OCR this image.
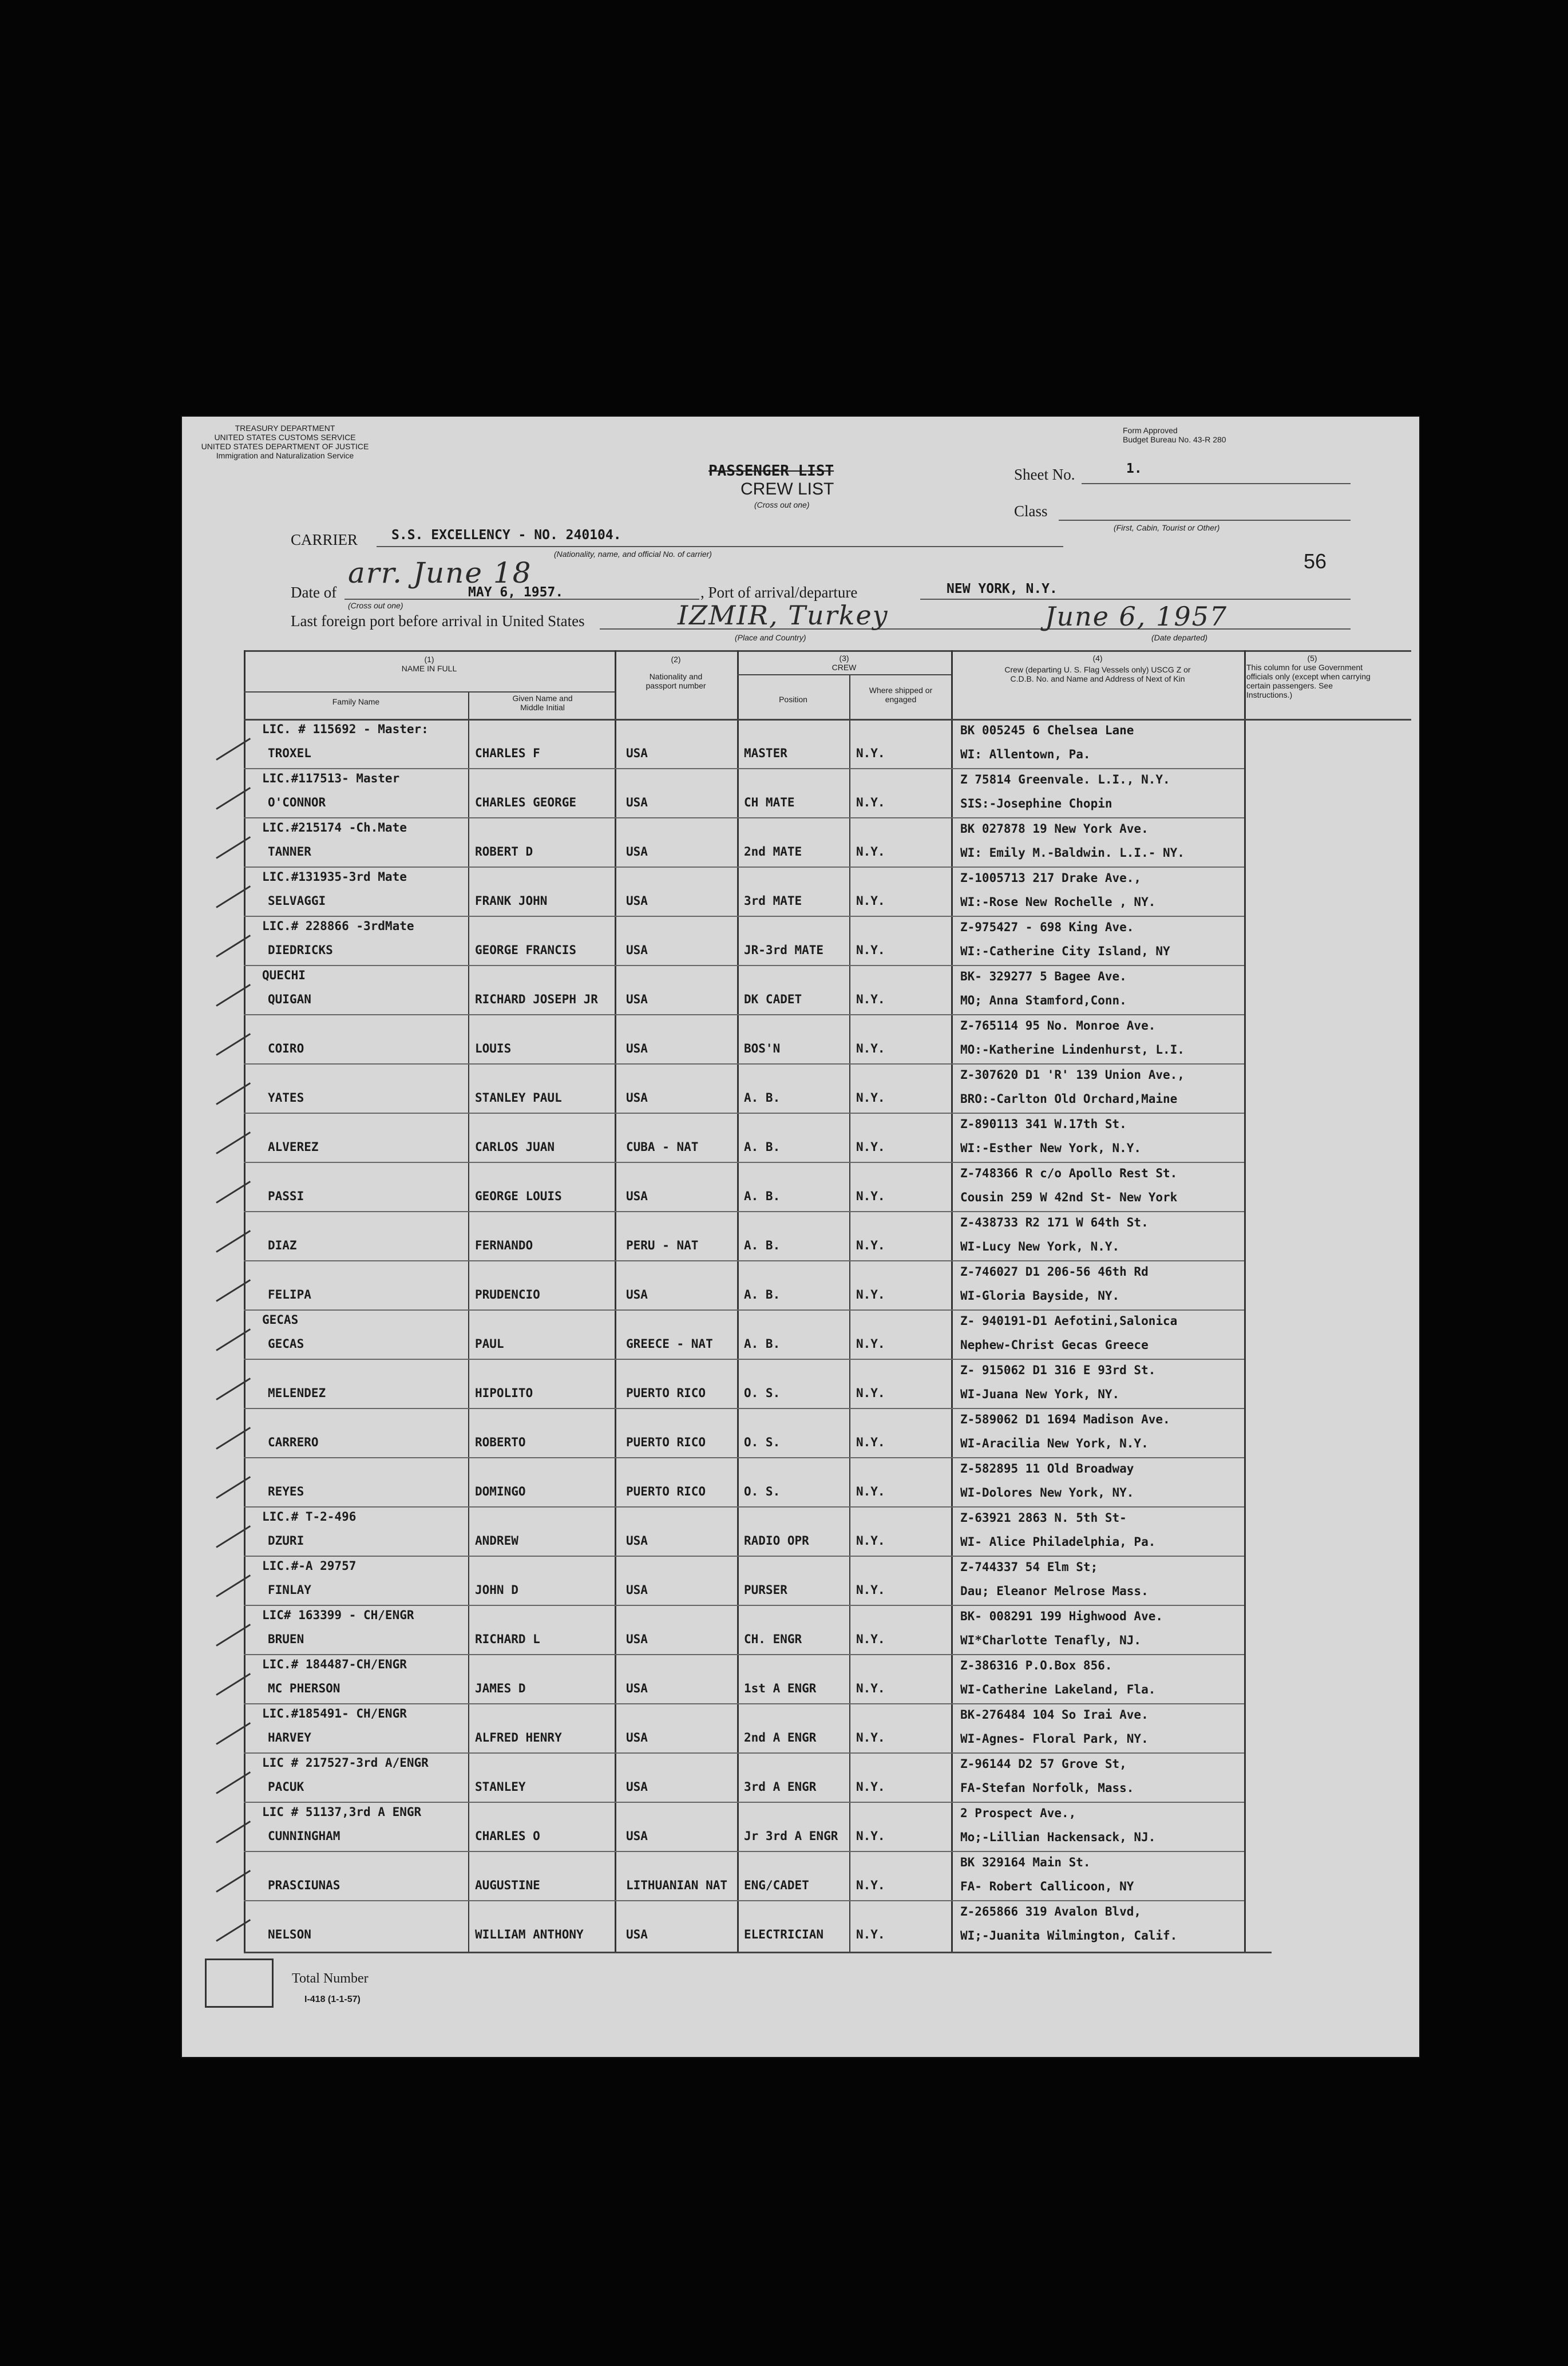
TREASURY DEPARTMENT
UNITED STATES CUSTOMS SERVICE
UNITED STATES DEPARTMENT OF JUSTICE
Immigration and Naturalization Service
Form Approved
Budget Bureau No. 43-R 280
PASSENGER LIST
CREW LIST
(Cross out one)
Sheet No.	1.
Class
(First, Cabin, Tourist or Other)
56
CARRIER	S.S. EXCELLENCY - NO. 240104.
(Nationality, name, and official No. of carrier)
Date of
arr. June 18
(Cross out one)
MAY 6, 1957.	, Port of arrival/departure	NEW YORK, N.Y.
Last foreign port before arrival in United States	IZMIR, Turkey
(Place and Country)
June 6, 1957
(Date departed)
(1)
NAME IN FULL
Family Name	Given Name and Middle Initial
(2)
Nationality and passport number
(3)
CREW
Position
Where shipped or engaged
(4)
Crew (departing U. S. Flag Vessels only) USCG Z or C.D.B. No. and Name and Address of Next of Kin
(5)
This column for use Government officials only (except when carrying certain passengers. See Instructions.)
LIC. # 115692 - Master:
TROXEL	CHARLES F	USA	MASTER	N.Y.
BK 005245 6 Chelsea Lane
WI: Allentown, Pa.
LIC.#117513- Master
O'CONNOR	CHARLES GEORGE	USA	CH MATE	N.Y.
Z 75814 Greenvale. L.I., N.Y.
SIS:-Josephine Chopin
LIC.#215174 -Ch.Mate
TANNER	ROBERT D	USA	2nd MATE	N.Y.
BK 027878 19 New York Ave.
WI: Emily M.-Baldwin. L.I.- NY.
LIC.#131935-3rd Mate
SELVAGGI	FRANK JOHN	USA	3rd MATE	N.Y.
Z-1005713 217 Drake Ave.,
WI:-Rose New Rochelle , NY.
LIC.# 228866 -3rdMate
DIEDRICKS	GEORGE FRANCIS	USA	JR-3rd MATE	N.Y.
Z-975427 - 698 King Ave.
WI:-Catherine City Island, NY
QUECHI
QUIGAN	RICHARD JOSEPH JR USA	DK CADET	N.Y.
BK- 329277 5 Bagee Ave.
MO; Anna Stamford,Conn.
COIRO	LOUIS	USA	BOS'N	N.Y.
Z-765114 95 No. Monroe Ave.
MO:-Katherine Lindenhurst, L.I.
YATES	STANLEY PAUL	USA	A. B.	N.Y.
Z-307620 D1 'R' 139 Union Ave.,
BRO:-Carlton Old Orchard,Maine
ALVEREZ	CARLOS JUAN	CUBA - NAT	A. B.	N.Y.
Z-890113 341 W.17th St.
WI:-Esther New York, N.Y.
PASSI	GEORGE LOUIS	USA	A. B.	N.Y.
Z-748366 R c/o Apollo Rest St.
Cousin 259 W 42nd St- New York
DIAZ	FERNANDO	PERU - NAT	A. B.	N.Y.
Z-438733 R2 171 W 64th St.
WI-Lucy New York, N.Y.
FELIPA	PRUDENCIO	USA	A. B.	N.Y.
Z-746027 D1 206-56 46th Rd
WI-Gloria Bayside, NY.
GECAS
GECAS	PAUL	GREECE - NAT	A. B.	N.Y.
Z- 940191-D1 Aefotini,Salonica
Nephew-Christ Gecas Greece
MELENDEZ	HIPOLITO	PUERTO RICO	O. S.	N.Y.
Z- 915062 D1 316 E 93rd St.
WI-Juana New York, NY.
CARRERO	ROBERTO	PUERTO RICO	O. S.	N.Y.
Z-589062 D1 1694 Madison Ave.
WI-Aracilia New York, N.Y.
REYES	DOMINGO	PUERTO RICO	O. S.	N.Y.
Z-582895 11 Old Broadway
WI-Dolores New York, NY.
LIC.# T-2-496
DZURI	ANDREW	USA	RADIO OPR	N.Y.
Z-63921 2863 N. 5th St-
WI- Alice Philadelphia, Pa.
LIC.#-A 29757
FINLAY	JOHN D	USA	PURSER	N.Y.
Z-744337 54 Elm St;
Dau; Eleanor Melrose Mass.
LIC# 163399 - CH/ENGR
BRUEN	RICHARD L	USA	CH. ENGR	N.Y.
BK- 008291 199 Highwood Ave.
WI*Charlotte Tenafly, NJ.
LIC.# 184487-CH/ENGR
MC PHERSON	JAMES D	USA	1st A ENGR	N.Y.
Z-386316 P.O.Box 856.
WI-Catherine Lakeland, Fla.
LIC.#185491- CH/ENGR
HARVEY	ALFRED HENRY	USA	2nd A ENGR	N.Y.
BK-276484 104 So Irai Ave.
WI-Agnes- Floral Park, NY.
LIC # 217527-3rd A/ENGR
PACUK	STANLEY	USA	3rd A ENGR	N.Y.
Z-96144 D2 57 Grove St,
FA-Stefan Norfolk, Mass.
LIC # 51137,3rd A ENGR
CUNNINGHAM	CHARLES O	USA	Jr 3rd A ENGR N.Y.
2 Prospect Ave.,
Mo;-Lillian Hackensack, NJ.
PRASCIUNAS	AUGUSTINE	LITHUANIAN NAT ENG/CADET	N.Y.
BK 329164 Main St.
FA- Robert Callicoon, NY
NELSON	WILLIAM ANTHONY	USA	ELECTRICIAN	N.Y.
Z-265866 319 Avalon Blvd,
WI;-Juanita Wilmington, Calif.
Total Number
I-418 (1-1-57)
